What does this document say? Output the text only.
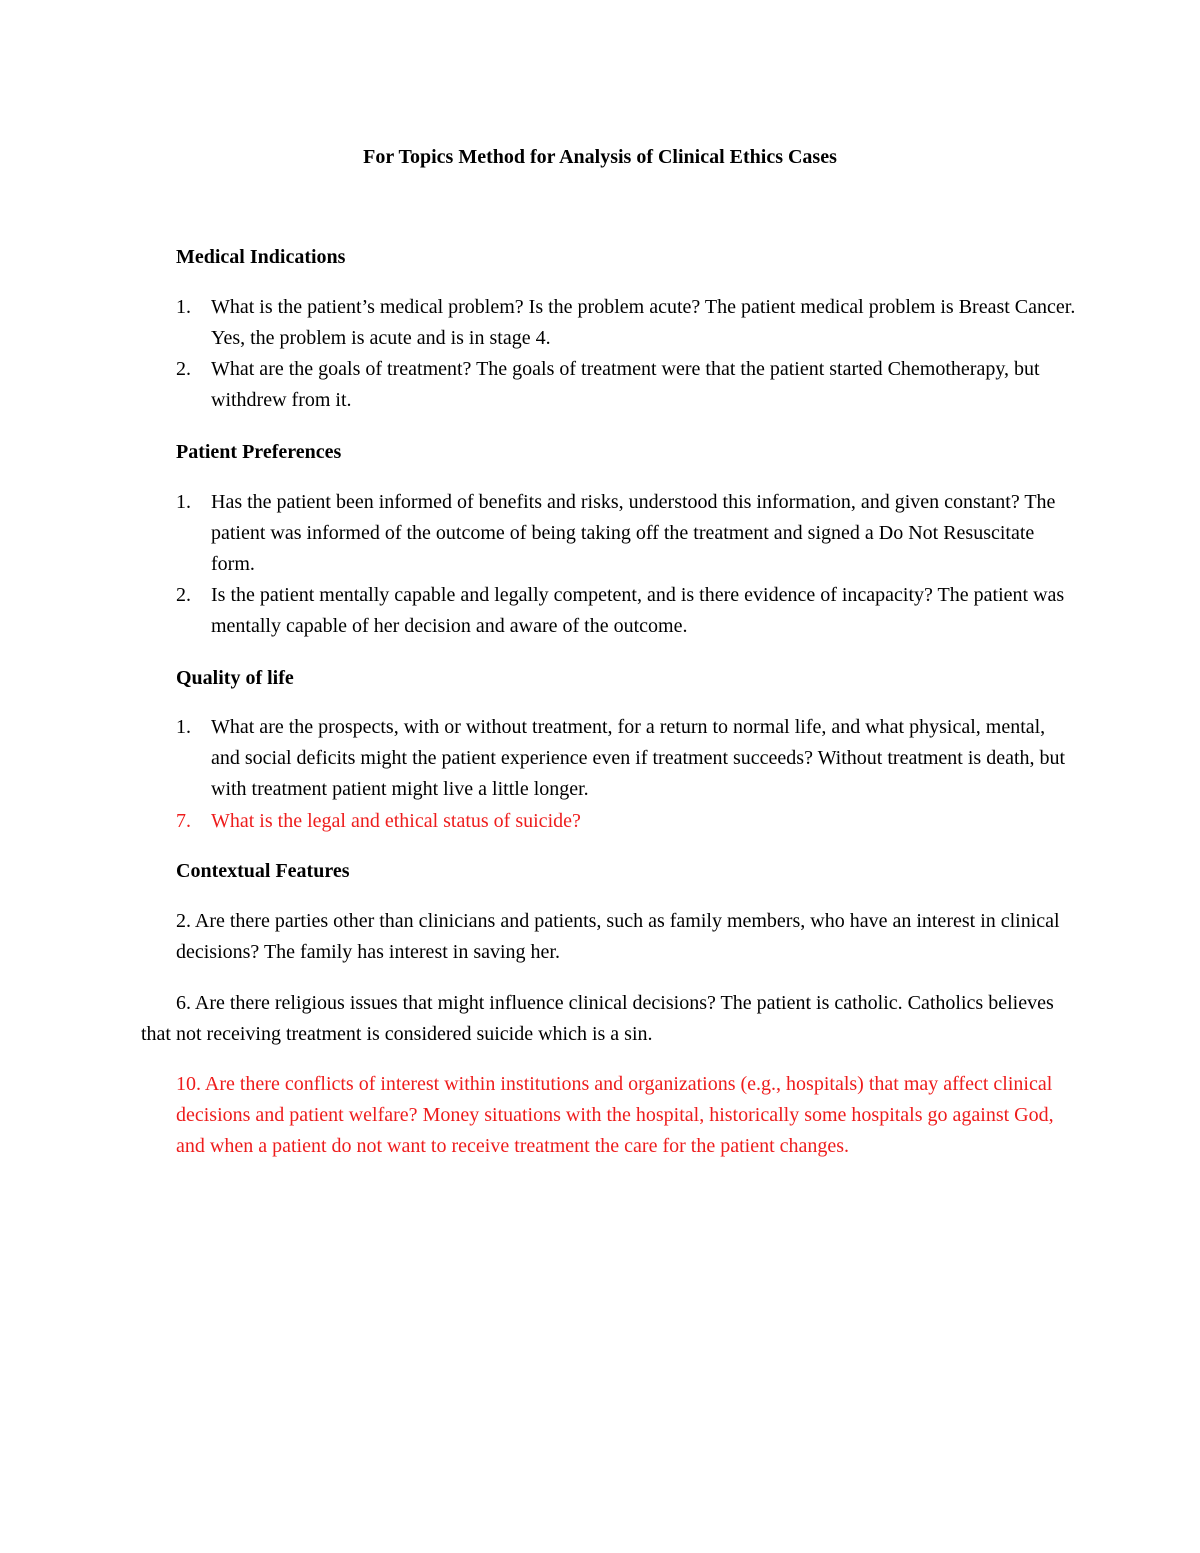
For Topics Method for Analysis of Clinical Ethics Cases
Medical Indications
1. What is the patient’s medical problem? Is the problem acute? The patient medical problem is Breast Cancer. Yes, the problem is acute and is in stage 4.
2. What are the goals of treatment? The goals of treatment were that the patient started Chemotherapy, but withdrew from it.
Patient Preferences
1. Has the patient been informed of benefits and risks, understood this information, and given constant? The patient was informed of the outcome of being taking off the treatment and signed a Do Not Resuscitate form.
2. Is the patient mentally capable and legally competent, and is there evidence of incapacity? The patient was mentally capable of her decision and aware of the outcome.
Quality of life
1. What are the prospects, with or without treatment, for a return to normal life, and what physical, mental, and social deficits might the patient experience even if treatment succeeds? Without treatment is death, but with treatment patient might live a little longer.
7. What is the legal and ethical status of suicide?
Contextual Features

2. Are there parties other than clinicians and patients, such as family members, who have an interest in clinical decisions? The family has interest in saving her.

6. Are there religious issues that might influence clinical decisions? The patient is catholic. Catholics believes that not receiving treatment is considered suicide which is a sin.

10. Are there conflicts of interest within institutions and organizations (e.g., hospitals) that may affect clinical decisions and patient welfare? Money situations with the hospital, historically some hospitals go against God, and when a patient do not want to receive treatment the care for the patient changes.
